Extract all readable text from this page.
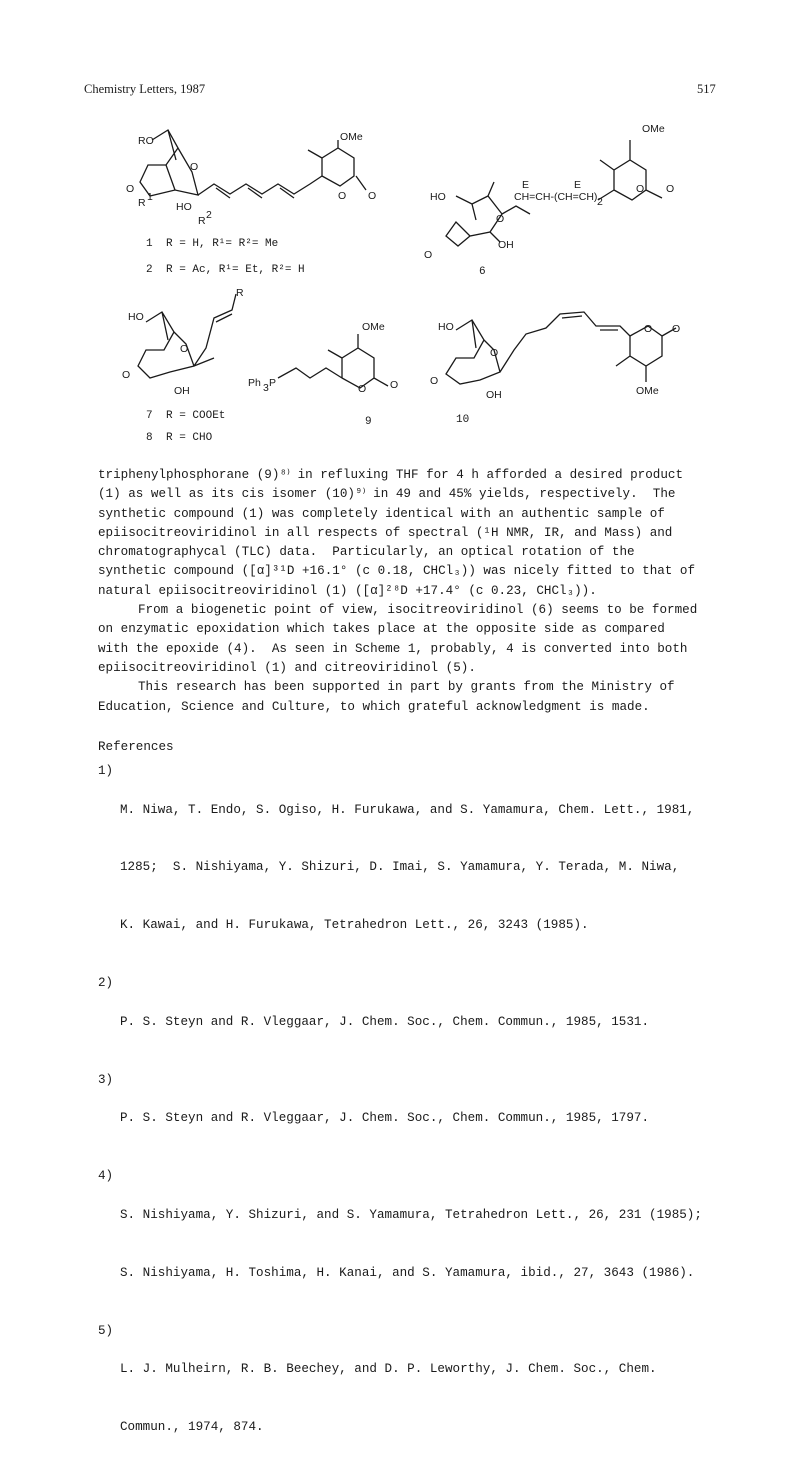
Chemistry Letters, 1987	517
RO
O
O
R 1
HO
R 2
OMe
O O
1 R = H, R¹= R²= Me
2 R = Ac, R¹= Et, R²= H
HO
O
O
OH
OMe
O O
E	E
CH=CH-(CH=CH) 2
6
HO
O
O
OH
R
7 R = COOEt
8 R = CHO
Ph 3 P
OMe
O O
9
HO
O
O
OH
O O
OMe
10

triphenylphosphorane (9)⁸⁾ in refluxing THF for 4 h afforded a desired product

(1) as well as its cis isomer (10)⁹⁾ in 49 and 45% yields, respectively.  The

synthetic compound (1) was completely identical with an authentic sample of

epiisocitreoviridinol in all respects of spectral (¹H NMR, IR, and Mass) and

chromatographycal (TLC) data.  Particularly, an optical rotation of the

synthetic compound ([α]³¹D +16.1° (c 0.18, CHCl₃)) was nicely fitted to that of

natural epiisocitreoviridinol (1) ([α]²⁸D +17.4° (c 0.23, CHCl₃)).

From a biogenetic point of view, isocitreoviridinol (6) seems to be formed

on enzymatic epoxidation which takes place at the opposite side as compared

with the epoxide (4).  As seen in Scheme 1, probably, 4 is converted into both

epiisocitreoviridinol (1) and citreoviridinol (5).

This research has been supported in part by grants from the Ministry of

Education, Science and Culture, to which grateful acknowledgment is made.

References
1)

M. Niwa, T. Endo, S. Ogiso, H. Furukawa, and S. Yamamura, Chem. Lett., 1981,

1285;  S. Nishiyama, Y. Shizuri, D. Imai, S. Yamamura, Y. Terada, M. Niwa,

K. Kawai, and H. Furukawa, Tetrahedron Lett., 26, 3243 (1985).

2)

P. S. Steyn and R. Vleggaar, J. Chem. Soc., Chem. Commun., 1985, 1531.

3)

P. S. Steyn and R. Vleggaar, J. Chem. Soc., Chem. Commun., 1985, 1797.

4)

S. Nishiyama, Y. Shizuri, and S. Yamamura, Tetrahedron Lett., 26, 231 (1985);

S. Nishiyama, H. Toshima, H. Kanai, and S. Yamamura, ibid., 27, 3643 (1986).

5)

L. J. Mulheirn, R. B. Beechey, and D. P. Leworthy, J. Chem. Soc., Chem.

Commun., 1974, 874.
